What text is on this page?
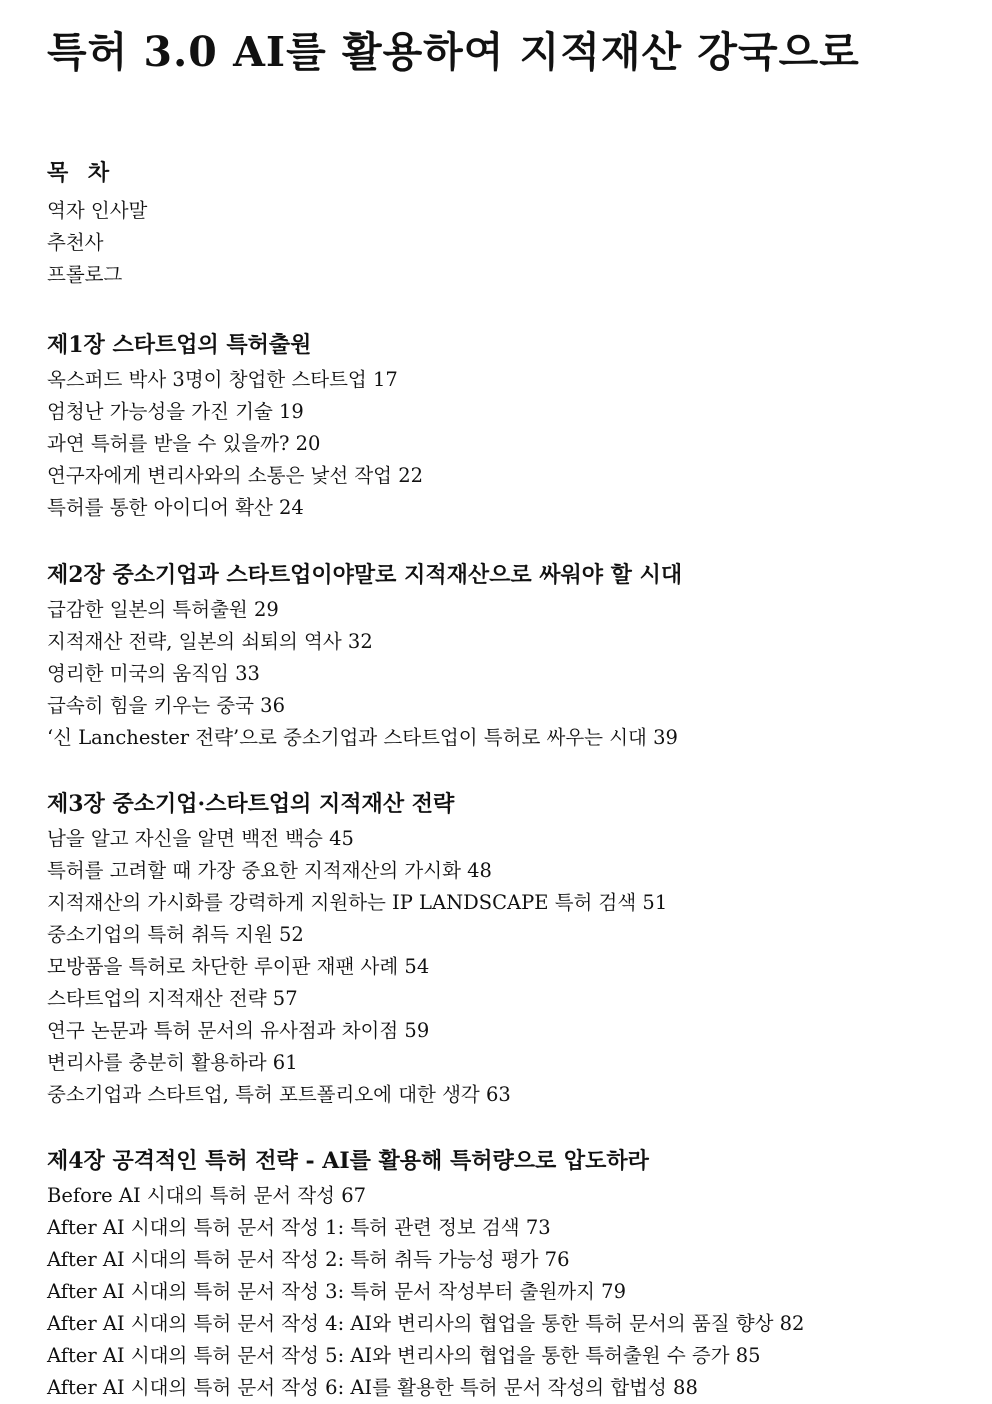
특허 3.0 AI를 활용하여 지적재산 강국으로
목 차
역자 인사말
추천사
프롤로그
제1장 스타트업의 특허출원
옥스퍼드 박사 3명이 창업한 스타트업 17
엄청난 가능성을 가진 기술 19
과연 특허를 받을 수 있을까? 20
연구자에게 변리사와의 소통은 낯선 작업 22
특허를 통한 아이디어 확산 24
제2장 중소기업과 스타트업이야말로 지적재산으로 싸워야 할 시대
급감한 일본의 특허출원 29
지적재산 전략, 일본의 쇠퇴의 역사 32
영리한 미국의 움직임 33
급속히 힘을 키우는 중국 36
‘신 Lanchester 전략’으로 중소기업과 스타트업이 특허로 싸우는 시대 39
제3장 중소기업·스타트업의 지적재산 전략
남을 알고 자신을 알면 백전 백승 45
특허를 고려할 때 가장 중요한 지적재산의 가시화 48
지적재산의 가시화를 강력하게 지원하는 IP LANDSCAPE 특허 검색 51
중소기업의 특허 취득 지원 52
모방품을 특허로 차단한 루이판 재팬 사례 54
스타트업의 지적재산 전략 57
연구 논문과 특허 문서의 유사점과 차이점 59
변리사를 충분히 활용하라 61
중소기업과 스타트업, 특허 포트폴리오에 대한 생각 63
제4장 공격적인 특허 전략 - AI를 활용해 특허량으로 압도하라
Before AI 시대의 특허 문서 작성 67
After AI 시대의 특허 문서 작성 1: 특허 관련 정보 검색 73
After AI 시대의 특허 문서 작성 2: 특허 취득 가능성 평가 76
After AI 시대의 특허 문서 작성 3: 특허 문서 작성부터 출원까지 79
After AI 시대의 특허 문서 작성 4: AI와 변리사의 협업을 통한 특허 문서의 품질 향상 82
After AI 시대의 특허 문서 작성 5: AI와 변리사의 협업을 통한 특허출원 수 증가 85
After AI 시대의 특허 문서 작성 6: AI를 활용한 특허 문서 작성의 합법성 88
